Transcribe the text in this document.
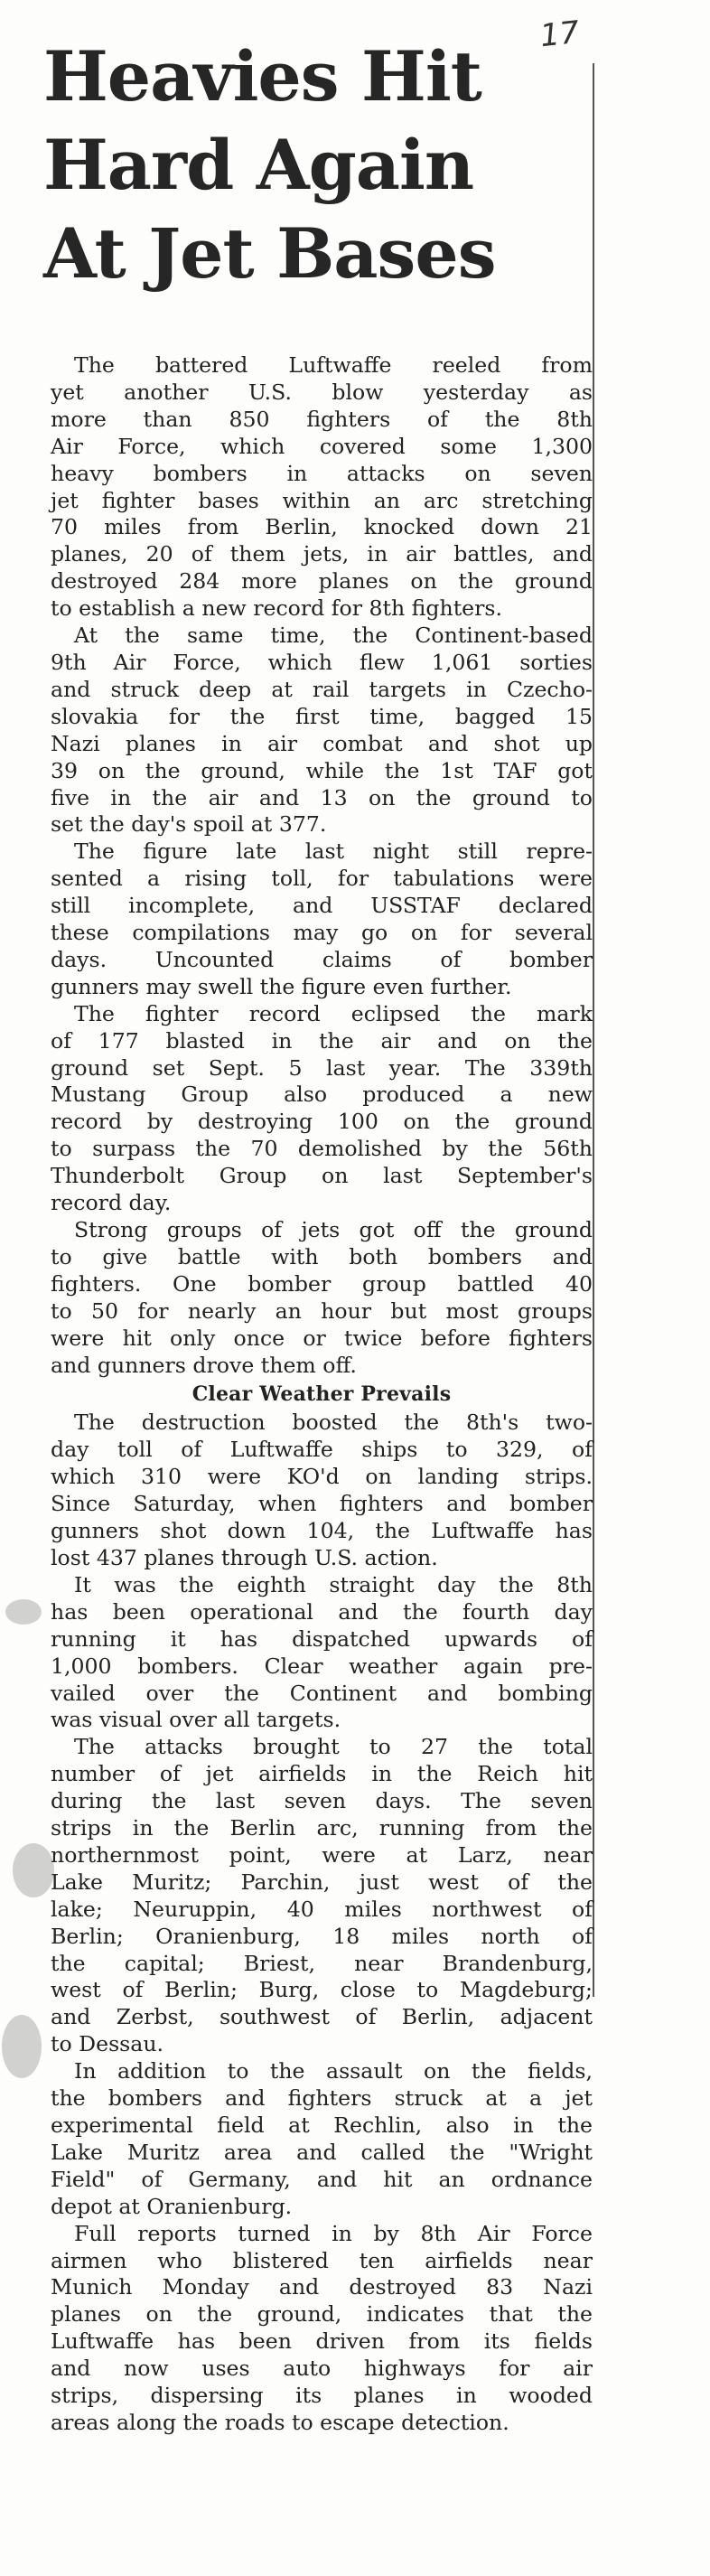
17
Heavies Hit
Hard Again
At Jet Bases

The battered Luftwaffe reeled from
yet another U.S. blow yesterday as
more than 850 fighters of the 8th
Air Force, which covered some 1,300
heavy bombers in attacks on seven
jet fighter bases within an arc stretching
70 miles from Berlin, knocked down 21
planes, 20 of them jets, in air battles, and
destroyed 284 more planes on the ground
to establish a new record for 8th fighters.

At the same time, the Continent-based
9th Air Force, which flew 1,061 sorties
and struck deep at rail targets in Czecho-
slovakia for the first time, bagged 15
Nazi planes in air combat and shot up
39 on the ground, while the 1st TAF got
five in the air and 13 on the ground to
set the day's spoil at 377.

The figure late last night still repre-
sented a rising toll, for tabulations were
still incomplete, and USSTAF declared
these compilations may go on for several
days. Uncounted claims of bomber
gunners may swell the figure even further.

The fighter record eclipsed the mark
of 177 blasted in the air and on the
ground set Sept. 5 last year. The 339th
Mustang Group also produced a new
record by destroying 100 on the ground
to surpass the 70 demolished by the 56th
Thunderbolt Group on last September's
record day.

Strong groups of jets got off the ground
to give battle with both bombers and
fighters. One bomber group battled 40
to 50 for nearly an hour but most groups
were hit only once or twice before fighters
and gunners drove them off.

Clear Weather Prevails

The destruction boosted the 8th's two-
day toll of Luftwaffe ships to 329, of
which 310 were KO'd on landing strips.
Since Saturday, when fighters and bomber
gunners shot down 104, the Luftwaffe has
lost 437 planes through U.S. action.

It was the eighth straight day the 8th
has been operational and the fourth day
running it has dispatched upwards of
1,000 bombers. Clear weather again pre-
vailed over the Continent and bombing
was visual over all targets.

The attacks brought to 27 the total
number of jet airfields in the Reich hit
during the last seven days. The seven
strips in the Berlin arc, running from the
northernmost point, were at Larz, near
Lake Muritz; Parchin, just west of the
lake; Neuruppin, 40 miles northwest of
Berlin; Oranienburg, 18 miles north of
the capital; Briest, near Brandenburg,
west of Berlin; Burg, close to Magdeburg;
and Zerbst, southwest of Berlin, adjacent
to Dessau.

In addition to the assault on the fields,
the bombers and fighters struck at a jet
experimental field at Rechlin, also in the
Lake Muritz area and called the "Wright
Field" of Germany, and hit an ordnance
depot at Oranienburg.

Full reports turned in by 8th Air Force
airmen who blistered ten airfields near
Munich Monday and destroyed 83 Nazi
planes on the ground, indicates that the
Luftwaffe has been driven from its fields
and now uses auto highways for air
strips, dispersing its planes in wooded
areas along the roads to escape detection.
